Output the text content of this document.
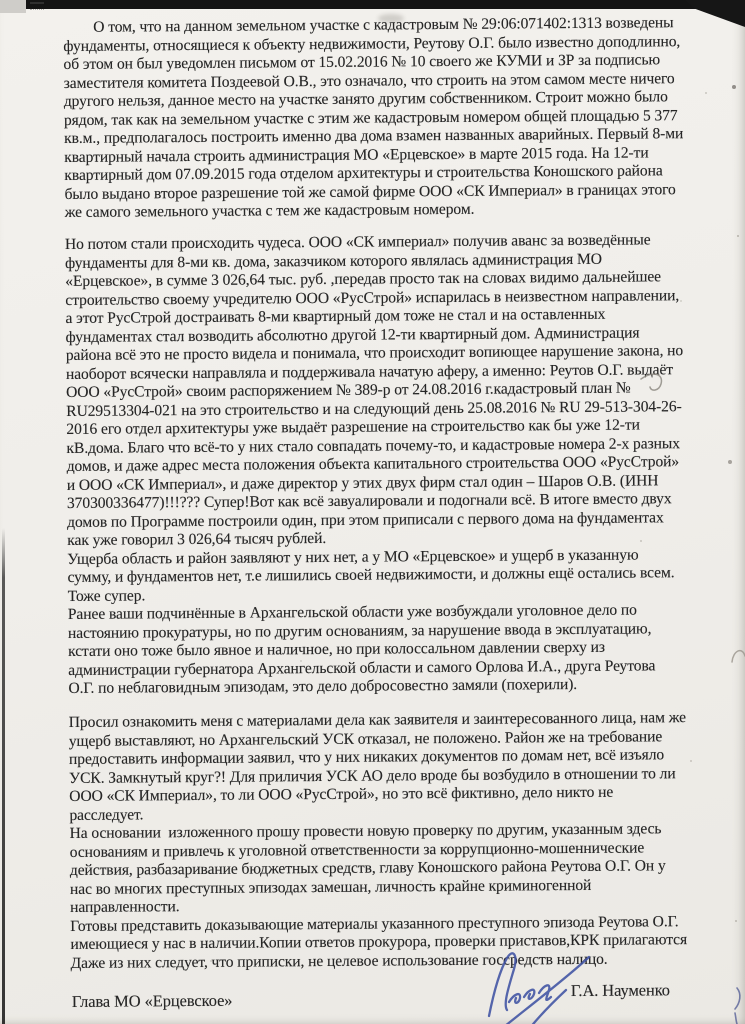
О том, что на данном земельном участке с кадастровым № 29:06:071402:1313 возведены
фундаменты, относящиеся к объекту недвижимости, Реутову О.Г. было известно доподлинно,
об этом он был уведомлен письмом от 15.02.2016 № 10 своего же КУМИ и ЗР за подписью
заместителя комитета Поздеевой О.В., это означало, что строить на этом самом месте ничего
другого нельзя, данное место на участке занято другим собственником. Строит можно было
рядом, так как на земельном участке с этим же кадастровым номером общей площадью 5 377
кв.м., предполагалось построить именно два дома взамен названных аварийных. Первый 8-ми
квартирный начала строить администрация МО «Ерцевское» в марте 2015 года. На 12-ти
квартирный дом 07.09.2015 года отделом архитектуры и строительства Коношского района
было выдано второе разрешение той же самой фирме ООО «СК Империал» в границах этого
же самого земельного участка с тем же кадастровым номером.
Но потом стали происходить чудеса. ООО «СК империал» получив аванс за возведённые
фундаменты для 8-ми кв. дома, заказчиком которого являлась администрация МО
«Ерцевское», в сумме 3 026,64 тыс. руб. ,передав просто так на словах видимо дальнейшее
строительство своему учредителю ООО «РусСтрой» испарилась в неизвестном направлении,
а этот РусСтрой достраивать 8-ми квартирный дом тоже не стал и на оставленных
фундаментах стал возводить абсолютно другой 12-ти квартирный дом. Администрация
района всё это не просто видела и понимала, что происходит вопиющее нарушение закона, но
наоборот всячески направляла и поддерживала начатую аферу, а именно: Реутов О.Г. выдаёт
ООО «РусСтрой» своим распоряжением № 389-р от 24.08.2016 г.кадастровый план №
RU29513304-021 на это строительство и на следующий день 25.08.2016 № RU 29-513-304-26-
2016 его отдел архитектуры уже выдаёт разрешение на строительство как бы уже 12-ти
кВ.дома. Благо что всё-то у них стало совпадать почему-то, и кадастровые номера 2-х разных
домов, и даже адрес места положения объекта капитального строительства ООО «РусСтрой»
и ООО «СК Империал», и даже директор у этих двух фирм стал один – Шаров О.В. (ИНН
370300336477)!!!??? Супер!Вот как всё завуалировали и подогнали всё. В итоге вместо двух
домов по Программе построили один, при этом приписали с первого дома на фундаментах
как уже говорил 3 026,64 тысяч рублей.
Ущерба область и район заявляют у них нет, а у МО «Ерцевское» и ущерб в указанную
сумму, и фундаментов нет, т.е лишились своей недвижимости, и должны ещё остались всем.
Тоже супер.
Ранее ваши подчинённые в Архангельской области уже возбуждали уголовное дело по
настоянию прокуратуры, но по другим основаниям, за нарушение ввода в эксплуатацию,
кстати оно тоже было явное и наличное, но при колоссальном давлении сверху из
администрации губернатора Архангельской области и самого Орлова И.А., друга Реутова
О.Г. по неблаговидным эпизодам, это дело добросовестно замяли (похерили).
Просил ознакомить меня с материалами дела как заявителя и заинтересованного лица, нам же
ущерб выставляют, но Архангельский УСК отказал, не положено. Район же на требование
предоставить информации заявил, что у них никаких документов по домам нет, всё изъяло
УСК. Замкнутый круг?! Для приличия УСК АО дело вроде бы возбудило в отношении то ли
ООО «СК Империал», то ли ООО «РусСтрой», но это всё фиктивно, дело никто не
расследует.
На основании  изложенного прошу провести новую проверку по другим, указанным здесь
основаниям и привлечь к уголовной ответственности за коррупционно-мошеннические
действия, разбазаривание бюджетных средств, главу Коношского района Реутова О.Г. Он у
нас во многих преступных эпизодах замешан, личность крайне криминогенной
направленности.
Готовы представить доказывающие материалы указанного преступного эпизода Реутова О.Г.
имеющиеся у нас в наличии.Копии ответов прокурора, проверки приставов,КРК прилагаются
Даже из них следует, что приписки, не целевое использование госсредств налицо.
Глава МО «Ерцевское»
Г.А. Науменко
